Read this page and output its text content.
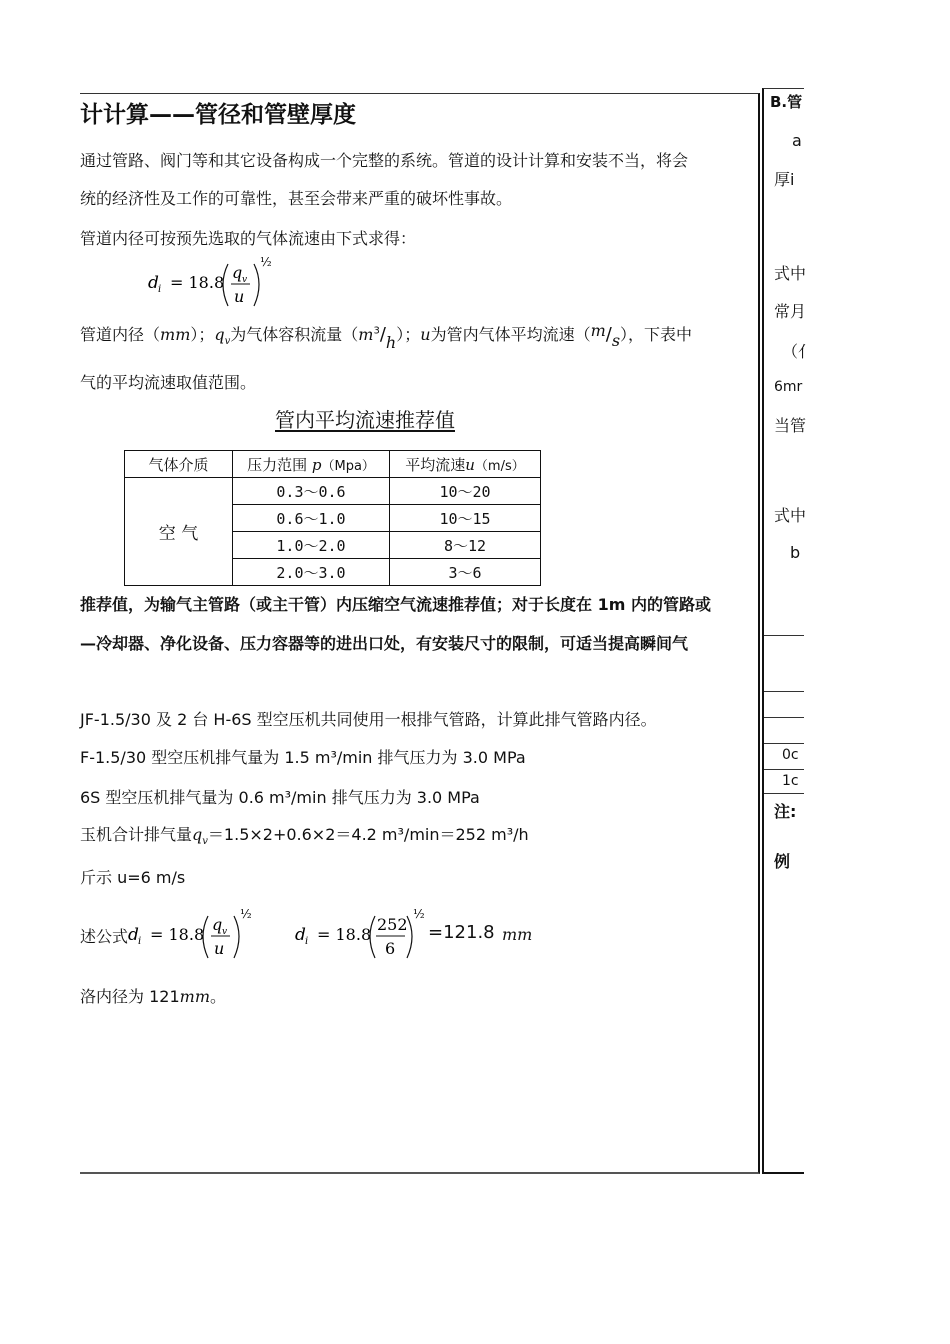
计计算——管径和管壁厚度
通过管路、阀门等和其它设备构成一个完整的系统。管道的设计计算和安装不当，将会
统的经济性及工作的可靠性，甚至会带来严重的破坏性事故。
管道内径可按预先选取的气体流速由下式求得：
d i = 18.8
q v
u
½
管道内径（mm）；$q_v$为气体容积流量$(m^3/h)$；u为管内气体平均流速（m/s），下表中
气的平均流速取值范围。
管内平均流速推荐值
气体介质	压力范围 p（Mpa）	平均流速u（m/s）
空 气	0.3～0.6	10～20
	0.6～1.0	10～15
	1.0～2.0	8～12
	2.0～3.0	3～6
推荐值，为输气主管路（或主干管）内压缩空气流速推荐值；对于长度在 1m 内的管路或
—冷却器、净化设备、压力容器等的进出口处，有安装尺寸的限制，可适当提高瞬间气
JF-1.5/30 及 2 台 H-6S 型空压机共同使用一根排气管路，计算此排气管路内径。
F-1.5/30 型空压机排气量为 1.5 m³/min 排气压力为 3.0 MPa
6S 型空压机排气量为 0.6 m³/min 排气压力为 3.0 MPa
玉机合计排气量$q_v=1.5\times 2+0.6\times 2=4.2$ m³/min＝252 m³/h
斤示 u=6 m/s
述公式 d i = 18.8
q v
u
½
d i = 18.8
252
6
½
=121.8 mm
洛内径为 121mm。
B.管
a
厚i
式中
常月
（亻
6mr
当管
式中
b
0c
1c
注:
例
